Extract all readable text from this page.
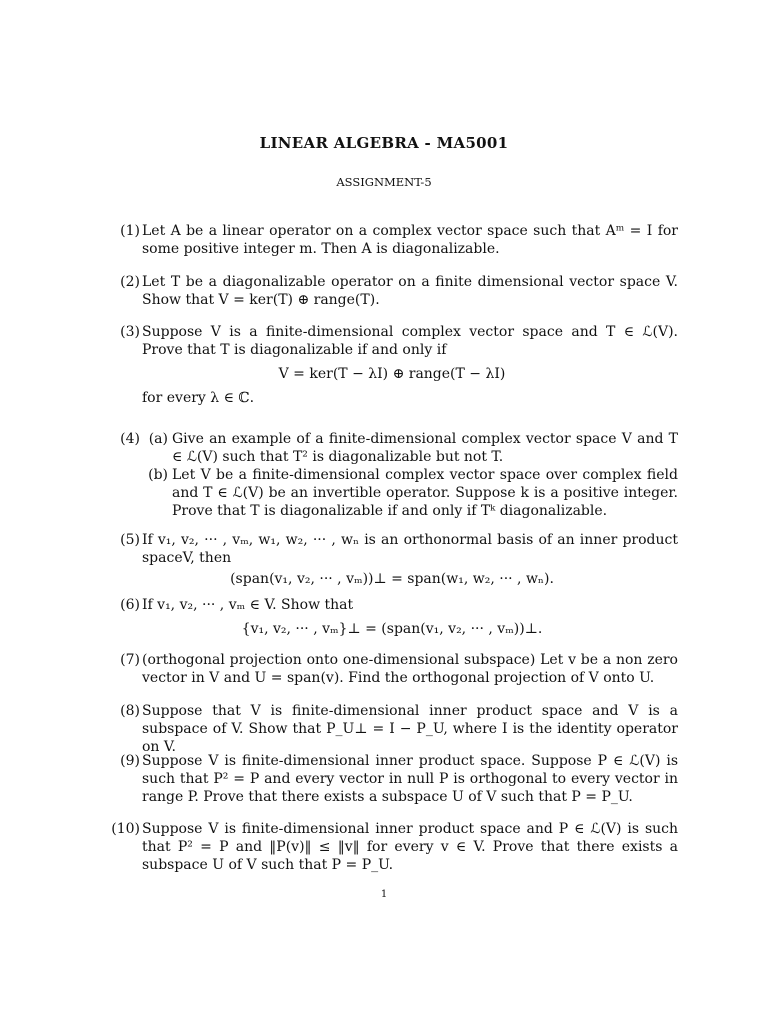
LINEAR ALGEBRA - MA5001
ASSIGNMENT-5
(1) Let A be a linear operator on a complex vector space such that Aᵐ = I for some positive integer m. Then A is diagonalizable.
(2) Let T be a diagonalizable operator on a finite dimensional vector space V. Show that V = ker(T) ⊕ range(T).
(3) Suppose V is a finite-dimensional complex vector space and T ∈ ℒ(V). Prove that T is diagonalizable if and only if
V = ker(T − λI) ⊕ range(T − λI)
for every λ ∈ ℂ.
(4) (a) Give an example of a finite-dimensional complex vector space V and T ∈ ℒ(V) such that T² is diagonalizable but not T.
(b) Let V be a finite-dimensional complex vector space over complex field and T ∈ ℒ(V) be an invertible operator. Suppose k is a positive integer. Prove that T is diagonalizable if and only if Tᵏ diagonalizable.
(5) If v₁, v₂, ··· , vₘ, w₁, w₂, ··· , wₙ is an orthonormal basis of an inner product spaceV, then
(span(v₁, v₂, ··· , vₘ))⊥ = span(w₁, w₂, ··· , wₙ).
(6) If v₁, v₂, ··· , vₘ ∈ V. Show that
{v₁, v₂, ··· , vₘ}⊥ = (span(v₁, v₂, ··· , vₘ))⊥.
(7) (orthogonal projection onto one-dimensional subspace) Let v be a non zero vector in V and U = span(v). Find the orthogonal projection of V onto U.
(8) Suppose that V is finite-dimensional inner product space and V is a subspace of V. Show that P_U⊥ = I − P_U, where I is the identity operator on V.
(9) Suppose V is finite-dimensional inner product space. Suppose P ∈ ℒ(V) is such that P² = P and every vector in null P is orthogonal to every vector in range P. Prove that there exists a subspace U of V such that P = P_U.
(10) Suppose V is finite-dimensional inner product space and P ∈ ℒ(V) is such that P² = P and ‖P(v)‖ ≤ ‖v‖ for every v ∈ V. Prove that there exists a subspace U of V such that P = P_U.
1
